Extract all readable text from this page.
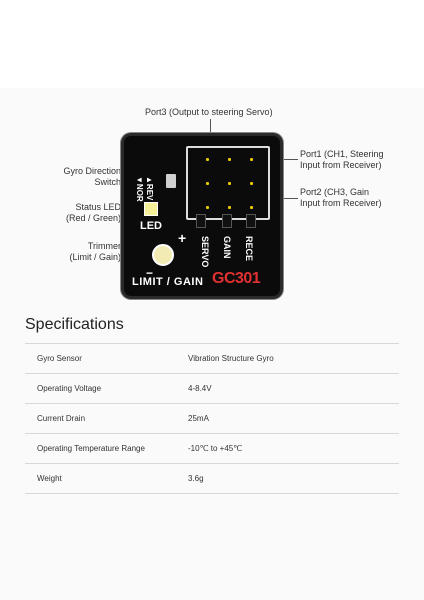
Port3 (Output to steering Servo)
Port1 (CH1, Steering
Input from Receiver)
Port2 (CH3, Gain
Input from Receiver)
Gyro Direction
Switch
Status LED
(Red / Green)
Trimmer
(Limit / Gain)
▲REV
▼NOR
LED
+
−
LIMIT / GAIN
SERVO GAIN RECE
GC301
Specifications
Gyro Sensor	Vibration Structure Gyro
Operating Voltage	4-8.4V
Current Drain	25mA
Operating Temperature Range	-10℃ to +45℃
Weight	3.6g
